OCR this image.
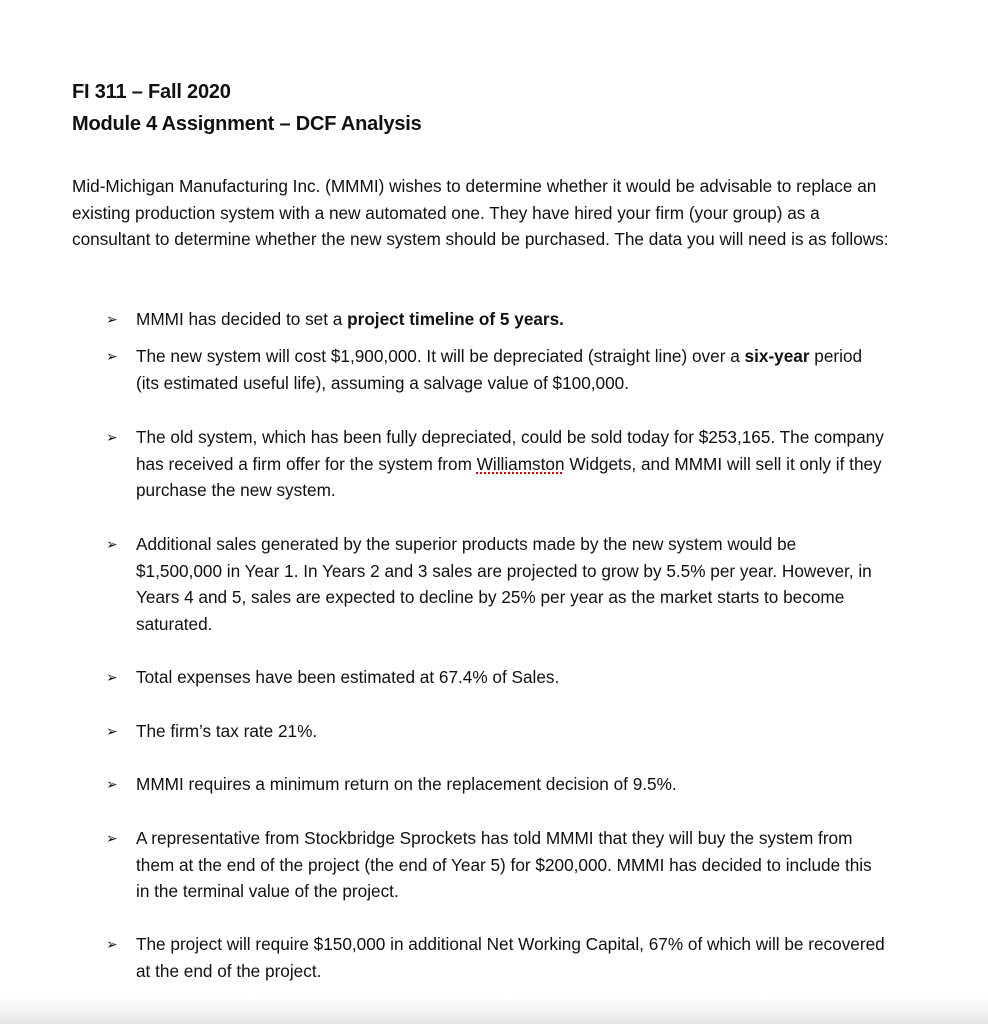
FI 311 – Fall 2020
Module 4 Assignment – DCF Analysis

Mid-Michigan Manufacturing Inc. (MMMI) wishes to determine whether it would be advisable to replace an existing production system with a new automated one. They have hired your firm (your group) as a consultant to determine whether the new system should be purchased. The data you will need is as follows:

➢ MMMI has decided to set a project timeline of 5 years.
➢ The new system will cost $1,900,000. It will be depreciated (straight line) over a six-year period (its estimated useful life), assuming a salvage value of $100,000.
➢ The old system, which has been fully depreciated, could be sold today for $253,165. The company has received a firm offer for the system from Williamston Widgets, and MMMI will sell it only if they purchase the new system.
➢ Additional sales generated by the superior products made by the new system would be $1,500,000 in Year 1. In Years 2 and 3 sales are projected to grow by 5.5% per year. However, in Years 4 and 5, sales are expected to decline by 25% per year as the market starts to become saturated.
➢ Total expenses have been estimated at 67.4% of Sales.
➢ The firm’s tax rate 21%.
➢ MMMI requires a minimum return on the replacement decision of 9.5%.
➢ A representative from Stockbridge Sprockets has told MMMI that they will buy the system from them at the end of the project (the end of Year 5) for $200,000. MMMI has decided to include this in the terminal value of the project.
➢ The project will require $150,000 in additional Net Working Capital, 67% of which will be recovered at the end of the project.
